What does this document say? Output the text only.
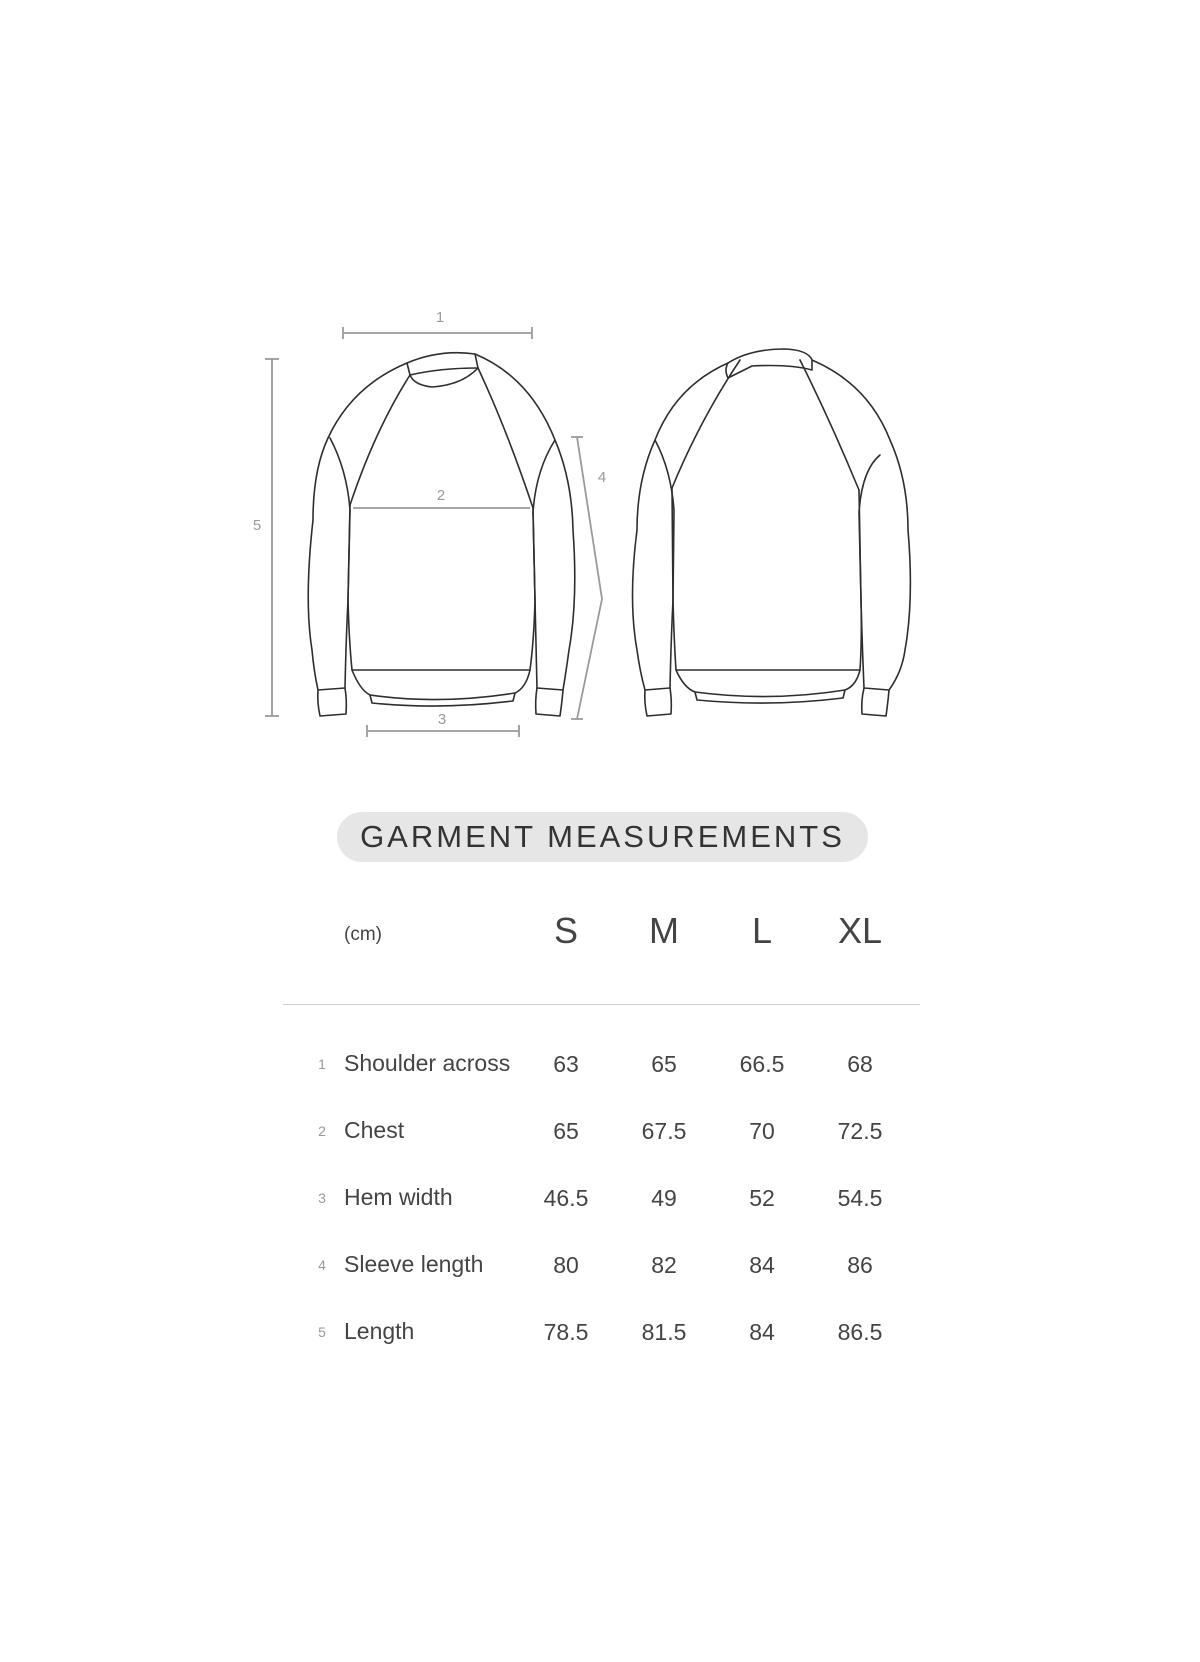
1
2
3
4
5
GARMENT MEASUREMENTS
(cm)	S	M	L	XL
1 Shoulder across	63	65	66.5	68
2 Chest	65	67.5	70	72.5
3 Hem width	46.5	49	52	54.5
4 Sleeve length	80	82	84	86
5 Length	78.5	81.5	84	86.5
